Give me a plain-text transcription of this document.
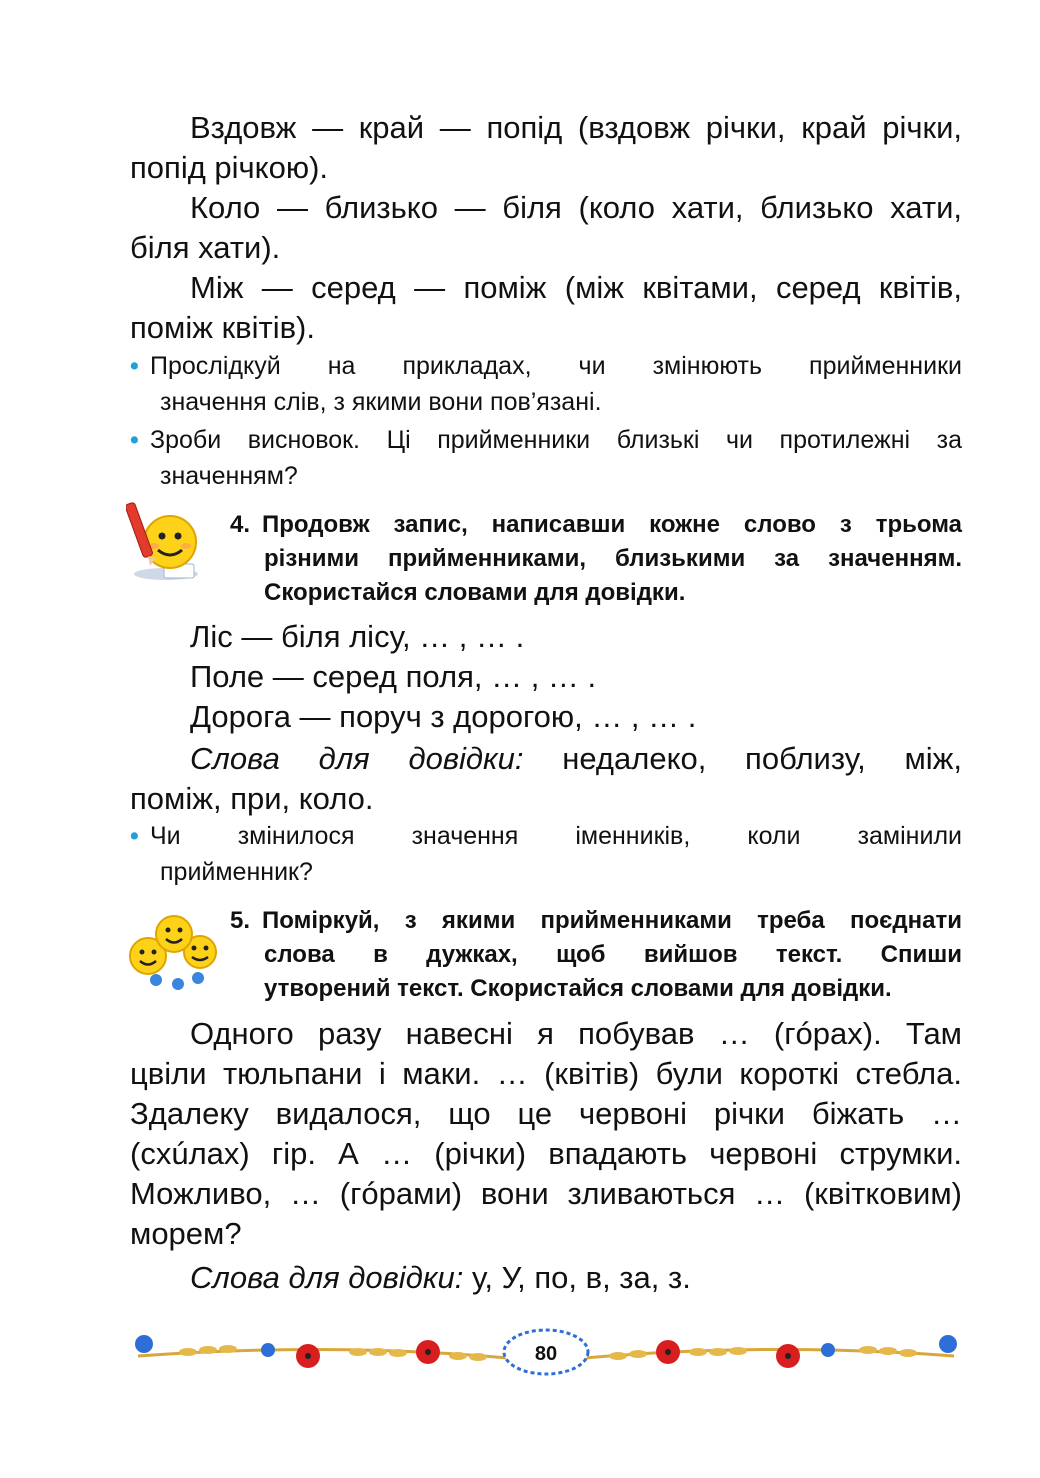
Вздовж — край — попід (вздовж річки, край річки,

попід річкою).

Коло — близько — біля (коло хати, близько хати,

біля хати).

Між — серед — поміж (між квітами, серед квітів,

поміж квітів).

• Прослідкуй на прикладах, чи змінюють прийменники
значення слів, з якими вони пов’язані.
• Зроби висновок. Ці прийменники близькі чи протилежні за
значенням?
4. Продовж запис, написавши кожне слово з трьома
різними прийменниками, близькими за значенням.
Скористайся словами для довідки.

Ліс — біля лісу, … , … .

Поле — серед поля, … , … .

Дорога — поруч з дорогою, … , … .

Слова для довідки: недалеко, поблизу, між,

поміж, при, коло.

• Чи змінилося значення іменників, коли замінили
прийменник?
5. Поміркуй, з якими прийменниками треба поєднати
слова в дужках, щоб вийшов текст. Спиши
утворений текст. Скористайся словами для довідки.

Одного разу навесні я побував … (гóрах). Там

цвіли тюльпани і маки. … (квітів) були короткі стебла.

Здалеку видалося, що це червоні річки біжать …

(схúлах) гір. А … (річки) впадають червоні струмки.

Можливо, … (гóрами) вони зливаються … (квітковим)

морем?

Слова для довідки: у, У, по, в, за, з.

80
